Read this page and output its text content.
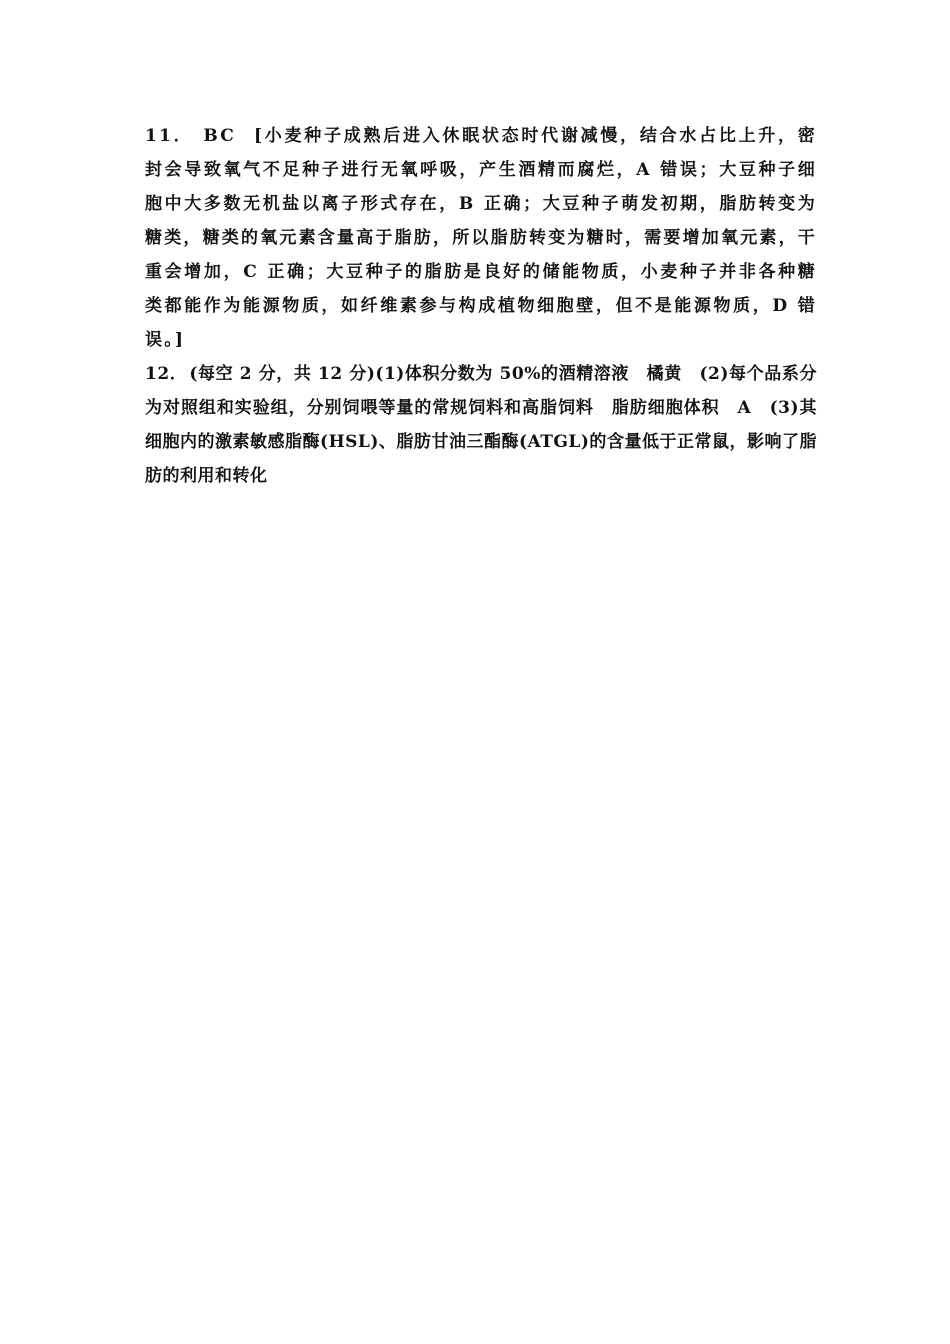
11． BC [小麦种子成熟后进入休眠状态时代谢减慢，结合水占比上升，密封会导致氧气不足种子进行无氧呼吸，产生酒精而腐烂，A 错误；大豆种子细胞中大多数无机盐以离子形式存在，B 正确；大豆种子萌发初期，脂肪转变为糖类，糖类的氧元素含量高于脂肪，所以脂肪转变为糖时，需要增加氧元素，干重会增加，C 正确；大豆种子的脂肪是良好的储能物质，小麦种子并非各种糖类都能作为能源物质，如纤维素参与构成植物细胞壁，但不是能源物质，D 错误。]

12． (每空 2 分，共 12 分)(1)体积分数为 50%的酒精溶液　橘黄　(2)每个品系分为对照组和实验组，分别饲喂等量的常规饲料和高脂饲料　脂肪细胞体积　A　(3)其细胞内的激素敏感脂酶(HSL)、脂肪甘油三酯酶(ATGL)的含量低于正常鼠，影响了脂肪的利用和转化
